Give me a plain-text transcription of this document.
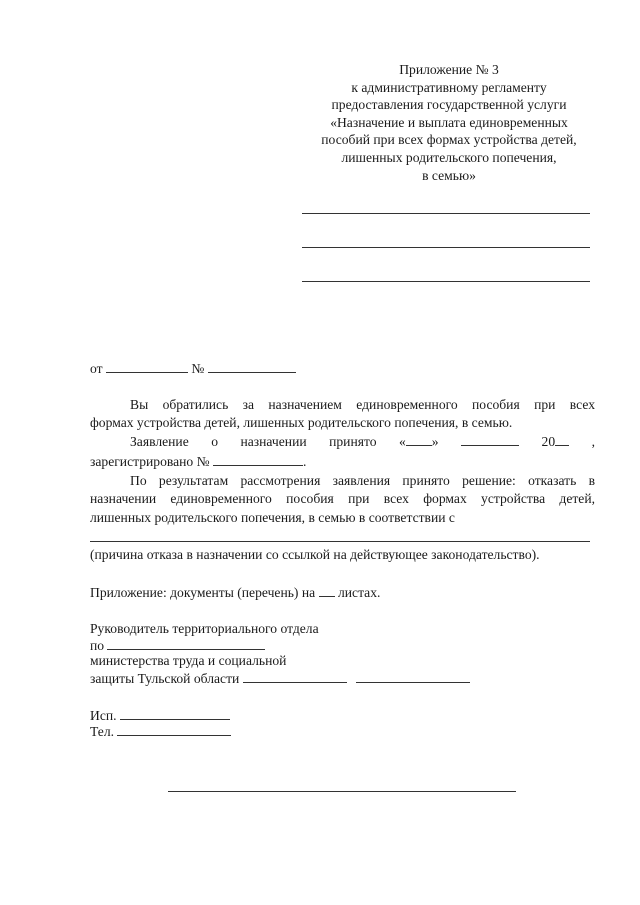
Приложение № 3
к административному регламенту
предоставления государственной услуги
«Назначение и выплата единовременных
пособий при всех формах устройства детей,
лишенных родительского попечения,
в семью»
от	№
Вы обратились за назначением единовременного пособия при всех
формах устройства детей, лишенных родительского попечения, в семью.
Заявление о назначении принято « »	20	,
зарегистрировано №	.
По результатам рассмотрения заявления принято решение: отказать в
назначении единовременного пособия при всех формах устройства детей,
лишенных родительского попечения, в семью в соответствии с
(причина отказа в назначении со ссылкой на действующее законодательство).
Приложение: документы (перечень) на листах.
Руководитель территориального отдела
по
министерства труда и социальной
защиты Тульской области
Исп.
Тел.
